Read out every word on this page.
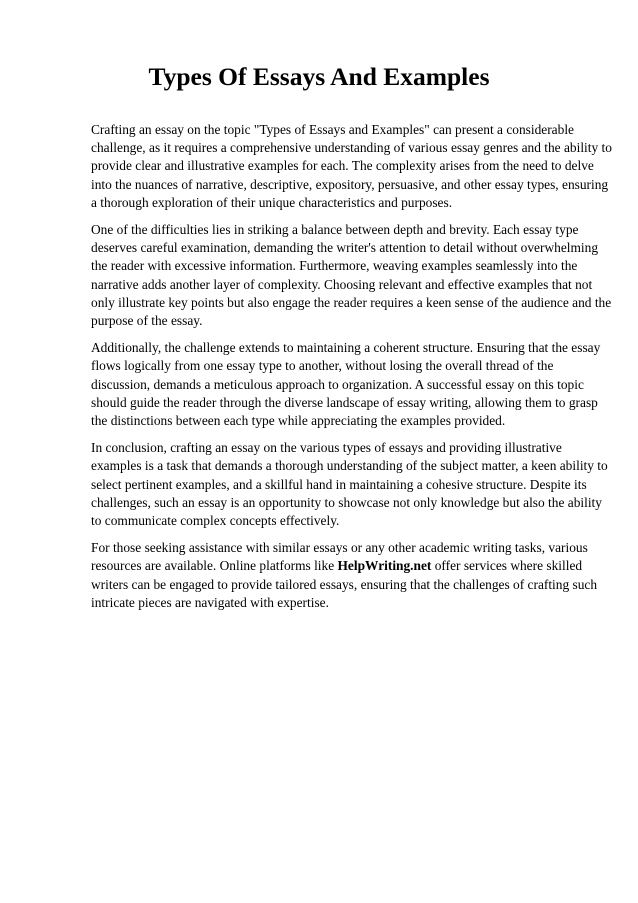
Types Of Essays And Examples

Crafting an essay on the topic "Types of Essays and Examples" can present a considerable
challenge, as it requires a comprehensive understanding of various essay genres and the ability to
provide clear and illustrative examples for each. The complexity arises from the need to delve
into the nuances of narrative, descriptive, expository, persuasive, and other essay types, ensuring
a thorough exploration of their unique characteristics and purposes.

One of the difficulties lies in striking a balance between depth and brevity. Each essay type
deserves careful examination, demanding the writer's attention to detail without overwhelming
the reader with excessive information. Furthermore, weaving examples seamlessly into the
narrative adds another layer of complexity. Choosing relevant and effective examples that not
only illustrate key points but also engage the reader requires a keen sense of the audience and the
purpose of the essay.

Additionally, the challenge extends to maintaining a coherent structure. Ensuring that the essay
flows logically from one essay type to another, without losing the overall thread of the
discussion, demands a meticulous approach to organization. A successful essay on this topic
should guide the reader through the diverse landscape of essay writing, allowing them to grasp
the distinctions between each type while appreciating the examples provided.

In conclusion, crafting an essay on the various types of essays and providing illustrative
examples is a task that demands a thorough understanding of the subject matter, a keen ability to
select pertinent examples, and a skillful hand in maintaining a cohesive structure. Despite its
challenges, such an essay is an opportunity to showcase not only knowledge but also the ability
to communicate complex concepts effectively.

For those seeking assistance with similar essays or any other academic writing tasks, various
resources are available. Online platforms like HelpWriting.net offer services where skilled
writers can be engaged to provide tailored essays, ensuring that the challenges of crafting such
intricate pieces are navigated with expertise.
